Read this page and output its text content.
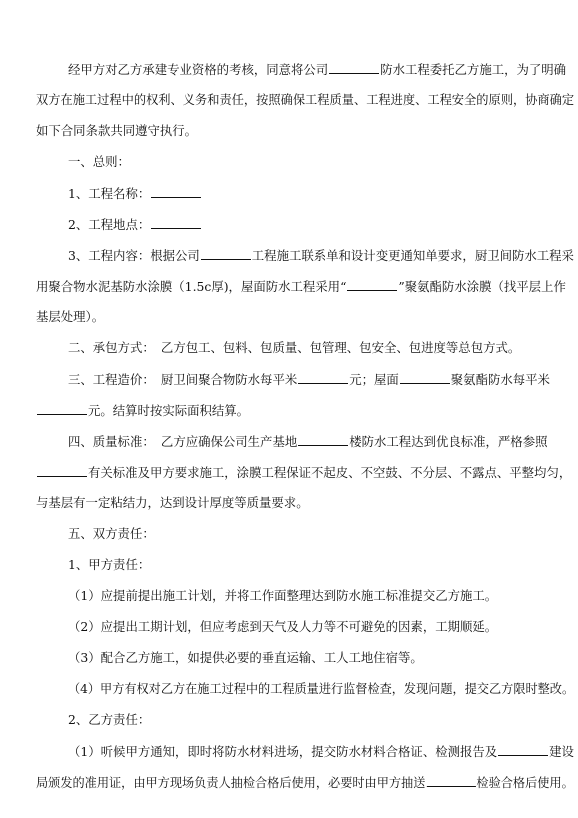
经甲方对乙方承建专业资格的考核，同意将公司	防水工程委托乙方施工，为了明确
双方在施工过程中的权利、义务和责任，按照确保工程质量、工程进度、工程安全的原则，协商确定
如下合同条款共同遵守执行。
一、总则：
1、工程名称：
2、工程地点：
3、工程内容：根据公司	工程施工联系单和设计变更通知单要求，厨卫间防水工程采
用聚合物水泥基防水涂膜（1.5c厚)，屋面防水工程采用“	”聚氨酯防水涂膜（找平层上作
基层处理）。
二、承包方式：　乙方包工、包料、包质量、包管理、包安全、包进度等总包方式。
三、工程造价：　厨卫间聚合物防水每平米	元；屋面	聚氨酯防水每平米
元。结算时按实际面积结算。
四、质量标准：　乙方应确保公司生产基地	楼防水工程达到优良标准，严格参照
有关标准及甲方要求施工，涂膜工程保证不起皮、不空鼓、不分层、不露点、平整均匀，
与基层有一定粘结力，达到设计厚度等质量要求。
五、双方责任：
1、甲方责任：
（1）应提前提出施工计划，并将工作面整理达到防水施工标准提交乙方施工。
（2）应提出工期计划，但应考虑到天气及人力等不可避免的因素，工期顺延。
（3）配合乙方施工，如提供必要的垂直运输、工人工地住宿等。
（4）甲方有权对乙方在施工过程中的工程质量进行监督检查，发现问题，提交乙方限时整改。
2、乙方责任：
（1）听候甲方通知，即时将防水材料进场，提交防水材料合格证、检测报告及	建设
局颁发的准用证，由甲方现场负责人抽检合格后使用，必要时由甲方抽送	检验合格后使用。
